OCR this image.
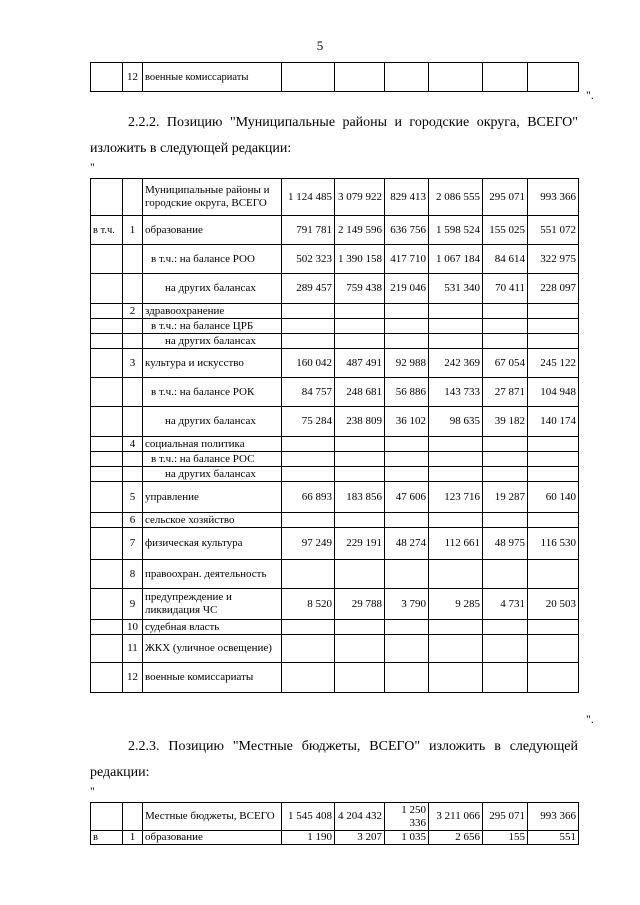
5
	12	военные комиссариаты						
".
2.2.2. Позицию "Муниципальные районы и городские округа, ВСЕГО" изложить в следующей редакции:
"
		Муниципальные районы и городские округа, ВСЕГО	1 124 485	3 079 922	829 413	2 086 555	295 071	993 366
в т.ч.	1	образование	791 781	2 149 596	636 756	1 598 524	155 025	551 072
		в т.ч.: на балансе РОО	502 323	1 390 158	417 710	1 067 184	84 614	322 975
		на других балансах	289 457	759 438	219 046	531 340	70 411	228 097
	2	здравоохранение						
		в т.ч.: на балансе ЦРБ						
		на других балансах						
	3	культура и искусство	160 042	487 491	92 988	242 369	67 054	245 122
		в т.ч.: на балансе РОК	84 757	248 681	56 886	143 733	27 871	104 948
		на других балансах	75 284	238 809	36 102	98 635	39 182	140 174
	4	социальная политика						
		в т.ч.: на балансе РОС						
		на других балансах						
	5	управление	66 893	183 856	47 606	123 716	19 287	60 140
	6	сельское хозяйство						
	7	физическая культура	97 249	229 191	48 274	112 661	48 975	116 530
	8	правоохран. деятельность						
	9	предупреждение и ликвидация ЧС	8 520	29 788	3 790	9 285	4 731	20 503
	10	судебная власть						
	11	ЖКХ (уличное освещение)						
	12	военные комиссариаты						
".
2.2.3. Позицию "Местные бюджеты, ВСЕГО" изложить в следующей редакции:
"
		Местные бюджеты, ВСЕГО	1 545 408	4 204 432	1 250 336	3 211 066	295 071	993 366
в	1	образование	1 190	3 207	1 035	2 656	155	551
